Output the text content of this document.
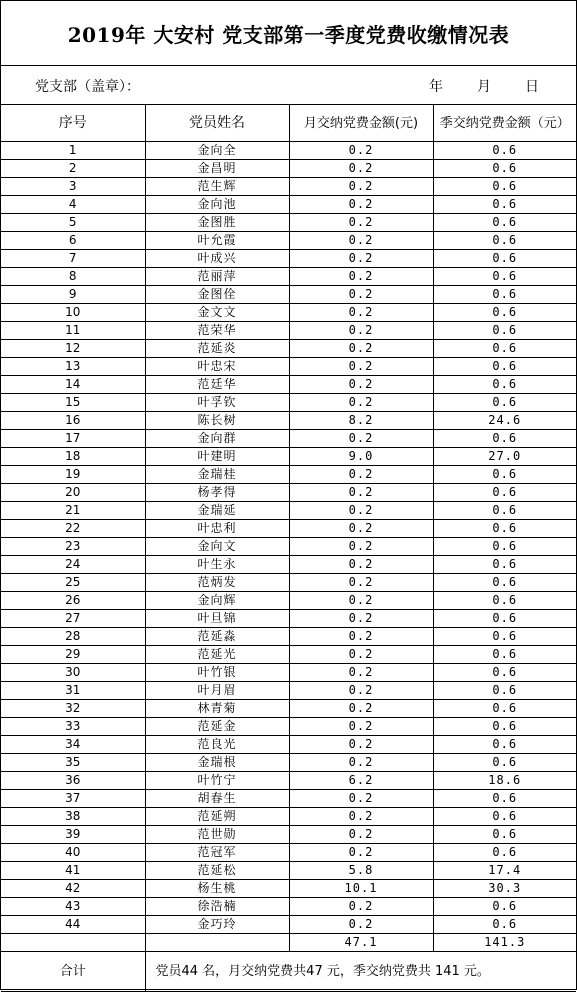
2019年 大安村 党支部第一季度党费收缴情况表
党支部（盖章）：	年 月 日
序号	党员姓名	月交纳党费金额(元)	季交纳党费金额（元）
1	金向全	0.2	0.6
2	金昌明	0.2	0.6
3	范生辉	0.2	0.6
4	金向池	0.2	0.6
5	金图胜	0.2	0.6
6	叶允霞	0.2	0.6
7	叶成兴	0.2	0.6
8	范丽萍	0.2	0.6
9	金图佺	0.2	0.6
10	金文文	0.2	0.6
11	范荣华	0.2	0.6
12	范延炎	0.2	0.6
13	叶忠宋	0.2	0.6
14	范廷华	0.2	0.6
15	叶孚钦	0.2	0.6
16	陈长树	8.2	24.6
17	金向群	0.2	0.6
18	叶建明	9.0	27.0
19	金瑞桂	0.2	0.6
20	杨孝得	0.2	0.6
21	金瑞延	0.2	0.6
22	叶忠利	0.2	0.6
23	金向文	0.2	0.6
24	叶生永	0.2	0.6
25	范炳发	0.2	0.6
26	金向辉	0.2	0.6
27	叶旦锦	0.2	0.6
28	范延淼	0.2	0.6
29	范延光	0.2	0.6
30	叶竹银	0.2	0.6
31	叶月眉	0.2	0.6
32	林青菊	0.2	0.6
33	范延金	0.2	0.6
34	范良光	0.2	0.6
35	金瑞根	0.2	0.6
36	叶竹宁	6.2	18.6
37	胡春生	0.2	0.6
38	范延朔	0.2	0.6
39	范世勋	0.2	0.6
40	范冠军	0.2	0.6
41	范延松	5.8	17.4
42	杨生桃	10.1	30.3
43	徐浩楠	0.2	0.6
44	金巧玲	0.2	0.6
		47.1	141.3
合计	党员44 名，月交纳党费共47 元，季交纳党费共 141 元。		
